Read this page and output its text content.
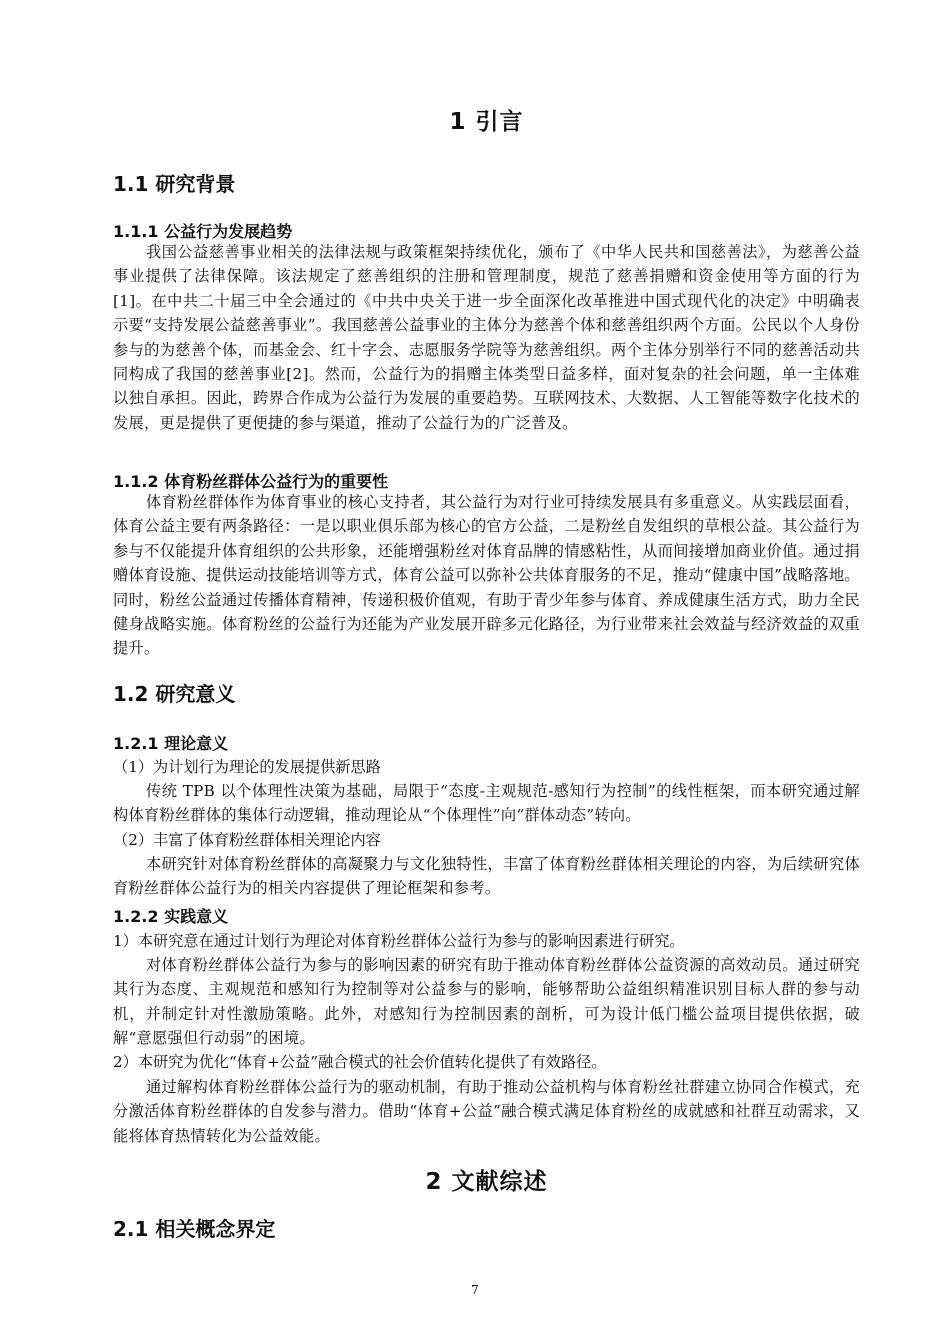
1 引言
1.1 研究背景
1.1.1 公益行为发展趋势
我国公益慈善事业相关的法律法规与政策框架持续优化，颁布了《中华人民共和国慈善法》，为慈善公益事业提供了法律保障。该法规定了慈善组织的注册和管理制度，规范了慈善捐赠和资金使用等方面的行为[1]。在中共二十届三中全会通过的《中共中央关于进一步全面深化改革推进中国式现代化的决定》中明确表示要“支持发展公益慈善事业”。我国慈善公益事业的主体分为慈善个体和慈善组织两个方面。公民以个人身份参与的为慈善个体，而基金会、红十字会、志愿服务学院等为慈善组织。两个主体分别举行不同的慈善活动共同构成了我国的慈善事业[2]。然而，公益行为的捐赠主体类型日益多样，面对复杂的社会问题，单一主体难以独自承担。因此，跨界合作成为公益行为发展的重要趋势。互联网技术、大数据、人工智能等数字化技术的发展，更是提供了更便捷的参与渠道，推动了公益行为的广泛普及。
1.1.2 体育粉丝群体公益行为的重要性
体育粉丝群体作为体育事业的核心支持者，其公益行为对行业可持续发展具有多重意义。从实践层面看，体育公益主要有两条路径：一是以职业俱乐部为核心的官方公益，二是粉丝自发组织的草根公益。其公益行为参与不仅能提升体育组织的公共形象，还能增强粉丝对体育品牌的情感粘性，从而间接增加商业价值。通过捐赠体育设施、提供运动技能培训等方式，体育公益可以弥补公共体育服务的不足，推动“健康中国”战略落地。同时，粉丝公益通过传播体育精神，传递积极价值观，有助于青少年参与体育、养成健康生活方式，助力全民健身战略实施。体育粉丝的公益行为还能为产业发展开辟多元化路径，为行业带来社会效益与经济效益的双重提升。
1.2 研究意义
1.2.1 理论意义
（1）为计划行为理论的发展提供新思路
传统 TPB 以个体理性决策为基础，局限于“态度-主观规范-感知行为控制”的线性框架，而本研究通过解构体育粉丝群体的集体行动逻辑，推动理论从“个体理性”向“群体动态”转向。
（2）丰富了体育粉丝群体相关理论内容
本研究针对体育粉丝群体的高凝聚力与文化独特性，丰富了体育粉丝群体相关理论的内容，为后续研究体育粉丝群体公益行为的相关内容提供了理论框架和参考。
1.2.2 实践意义
1）本研究意在通过计划行为理论对体育粉丝群体公益行为参与的影响因素进行研究。
对体育粉丝群体公益行为参与的影响因素的研究有助于推动体育粉丝群体公益资源的高效动员。通过研究其行为态度、主观规范和感知行为控制等对公益参与的影响，能够帮助公益组织精准识别目标人群的参与动机，并制定针对性激励策略。此外，对感知行为控制因素的剖析，可为设计低门槛公益项目提供依据，破解“意愿强但行动弱”的困境。
2）本研究为优化“体育+公益”融合模式的社会价值转化提供了有效路径。
通过解构体育粉丝群体公益行为的驱动机制，有助于推动公益机构与体育粉丝社群建立协同合作模式，充分激活体育粉丝群体的自发参与潜力。借助“体育+公益”融合模式满足体育粉丝的成就感和社群互动需求，又能将体育热情转化为公益效能。
2 文献综述
2.1 相关概念界定
7
